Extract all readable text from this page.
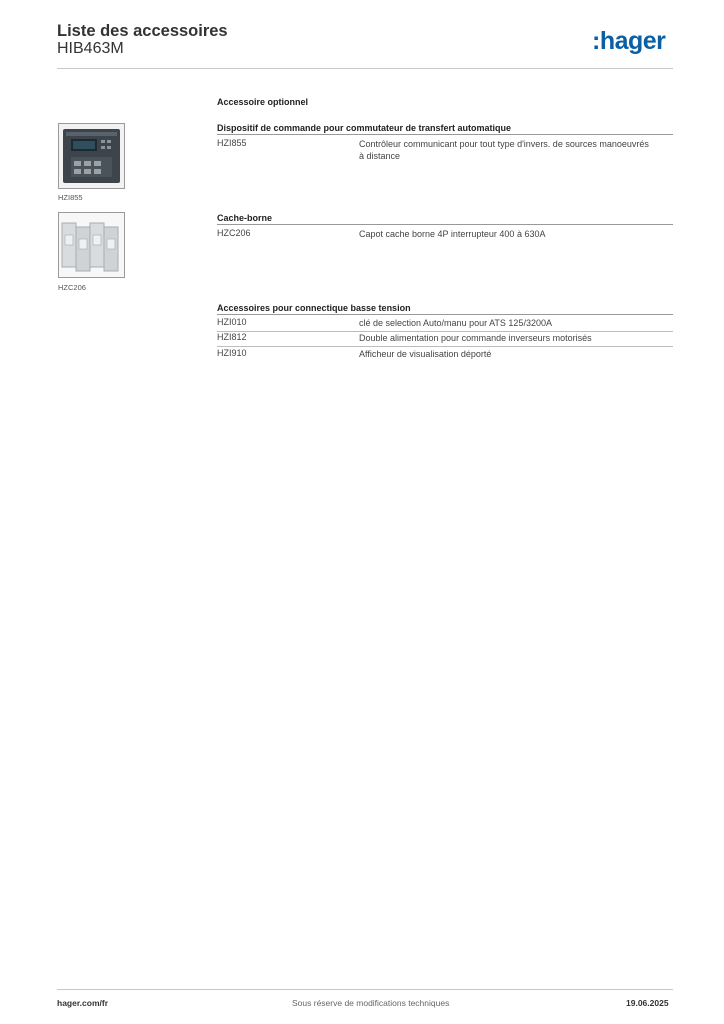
Liste des accessoires
HIB463M	:hager
Accessoire optionnel
HZI855
Dispositif de commande pour commutateur de transfert automatique
HZI855	Contrôleur communicant pour tout type d'invers. de sources manoeuvrés à distance
HZC206
Cache-borne
HZC206	Capot cache borne 4P interrupteur 400 à 630A
Accessoires pour connectique basse tension
HZI010	clé de selection Auto/manu pour ATS 125/3200A
HZI812	Double alimentation pour commande inverseurs motorisés
HZI910	Afficheur de visualisation déporté
hager.com/fr	Sous réserve de modifications techniques	19.06.2025
